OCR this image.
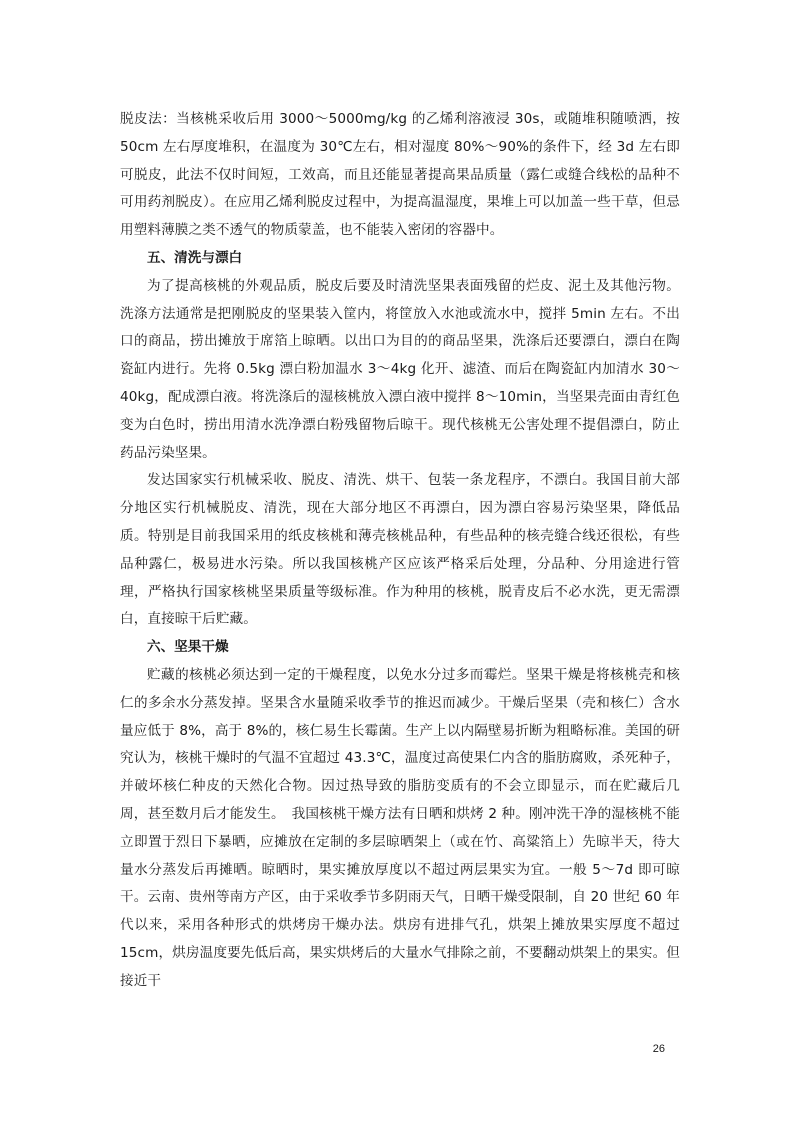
脱皮法：当核桃采收后用 3000～5000mg/kg 的乙烯利溶液浸 30s，或随堆积随喷洒，按 50cm 左右厚度堆积，在温度为 30℃左右，相对湿度 80%～90%的条件下，经 3d 左右即可脱皮，此法不仅时间短，工效高，而且还能显著提高果品质量（露仁或缝合线松的品种不可用药剂脱皮）。在应用乙烯利脱皮过程中，为提高温湿度，果堆上可以加盖一些干草，但忌用塑料薄膜之类不透气的物质蒙盖，也不能装入密闭的容器中。

五、清洗与漂白

为了提高核桃的外观品质，脱皮后要及时清洗坚果表面残留的烂皮、泥土及其他污物。洗涤方法通常是把刚脱皮的坚果装入筐内，将筐放入水池或流水中，搅拌 5min 左右。不出口的商品，捞出摊放于席箔上晾晒。以出口为目的的商品坚果，洗涤后还要漂白，漂白在陶瓷缸内进行。先将 0.5kg 漂白粉加温水 3～4kg 化开、滤渣、而后在陶瓷缸内加清水 30～40kg，配成漂白液。将洗涤后的湿核桃放入漂白液中搅拌 8～10min，当坚果壳面由青红色变为白色时，捞出用清水洗净漂白粉残留物后晾干。现代核桃无公害处理不提倡漂白，防止药品污染坚果。

发达国家实行机械采收、脱皮、清洗、烘干、包装一条龙程序，不漂白。我国目前大部分地区实行机械脱皮、清洗，现在大部分地区不再漂白，因为漂白容易污染坚果，降低品质。特别是目前我国采用的纸皮核桃和薄壳核桃品种，有些品种的核壳缝合线还很松，有些品种露仁，极易进水污染。所以我国核桃产区应该严格采后处理，分品种、分用途进行管理，严格执行国家核桃坚果质量等级标准。作为种用的核桃，脱青皮后不必水洗，更无需漂白，直接晾干后贮藏。

六、坚果干燥

贮藏的核桃必须达到一定的干燥程度，以免水分过多而霉烂。坚果干燥是将核桃壳和核仁的多余水分蒸发掉。坚果含水量随采收季节的推迟而减少。干燥后坚果（壳和核仁）含水量应低于 8%，高于 8%的，核仁易生长霉菌。生产上以内隔壁易折断为粗略标准。美国的研究认为，核桃干燥时的气温不宜超过 43.3℃，温度过高使果仁内含的脂肪腐败，杀死种子，并破坏核仁种皮的天然化合物。因过热导致的脂肪变质有的不会立即显示，而在贮藏后几周，甚至数月后才能发生。　我国核桃干燥方法有日晒和烘烤 2 种。刚冲洗干净的湿核桃不能立即置于烈日下暴晒，应摊放在定制的多层晾晒架上（或在竹、高粱箔上）先晾半天，待大量水分蒸发后再摊晒。晾晒时，果实摊放厚度以不超过两层果实为宜。一般 5～7d 即可晾干。云南、贵州等南方产区，由于采收季节多阴雨天气，日晒干燥受限制，自 20 世纪 60 年代以来，采用各种形式的烘烤房干燥办法。烘房有进排气孔，烘架上摊放果实厚度不超过 15cm，烘房温度要先低后高，果实烘烤后的大量水气排除之前，不要翻动烘架上的果实。但接近干

26
